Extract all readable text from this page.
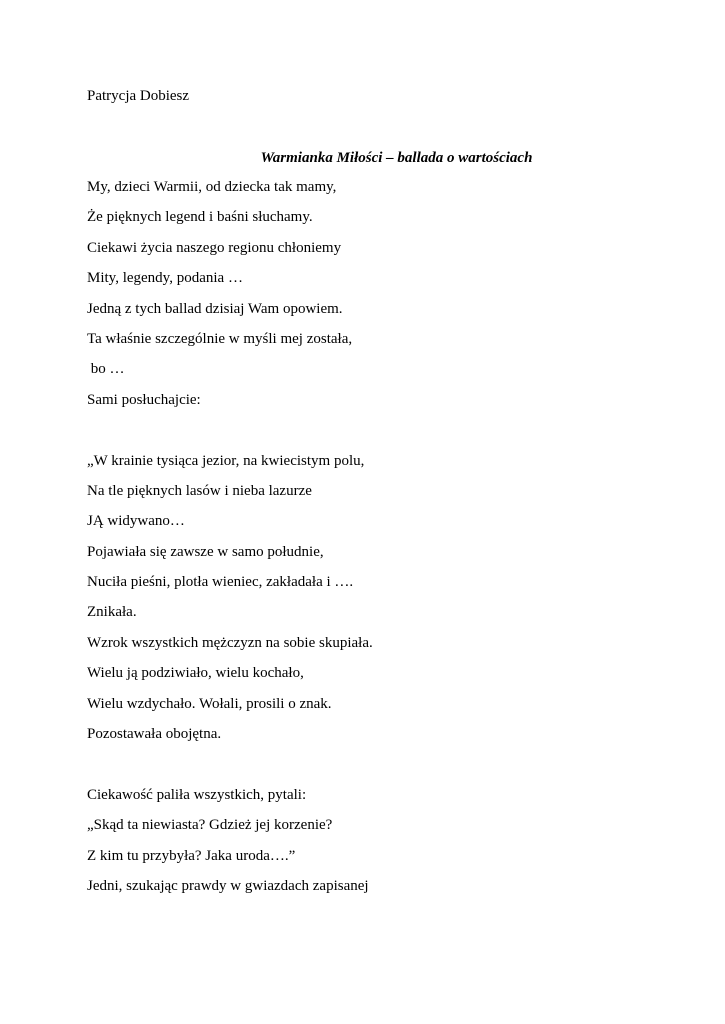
Patrycja Dobiesz
Warmianka Miłości – ballada o wartościach
My, dzieci Warmii, od dziecka tak mamy,
Że pięknych legend i baśni słuchamy.
Ciekawi życia naszego regionu chłoniemy
Mity, legendy, podania …
Jedną z tych ballad dzisiaj Wam opowiem.
Ta właśnie szczególnie w myśli mej została,
bo …
Sami posłuchajcie:
„W krainie tysiąca jezior, na kwiecistym polu,
Na tle pięknych lasów i nieba lazurze
JĄ widywano…
Pojawiała się zawsze w samo południe,
Nuciła pieśni, plotła wieniec, zakładała i ….
Znikała.
Wzrok wszystkich mężczyzn na sobie skupiała.
Wielu ją podziwiało, wielu kochało,
Wielu wzdychało. Wołali, prosili o znak.
Pozostawała obojętna.
Ciekawość paliła wszystkich, pytali:
„Skąd ta niewiasta? Gdzież jej korzenie?
Z kim tu przybyła? Jaka uroda….”
Jedni, szukając prawdy w gwiazdach zapisanej
